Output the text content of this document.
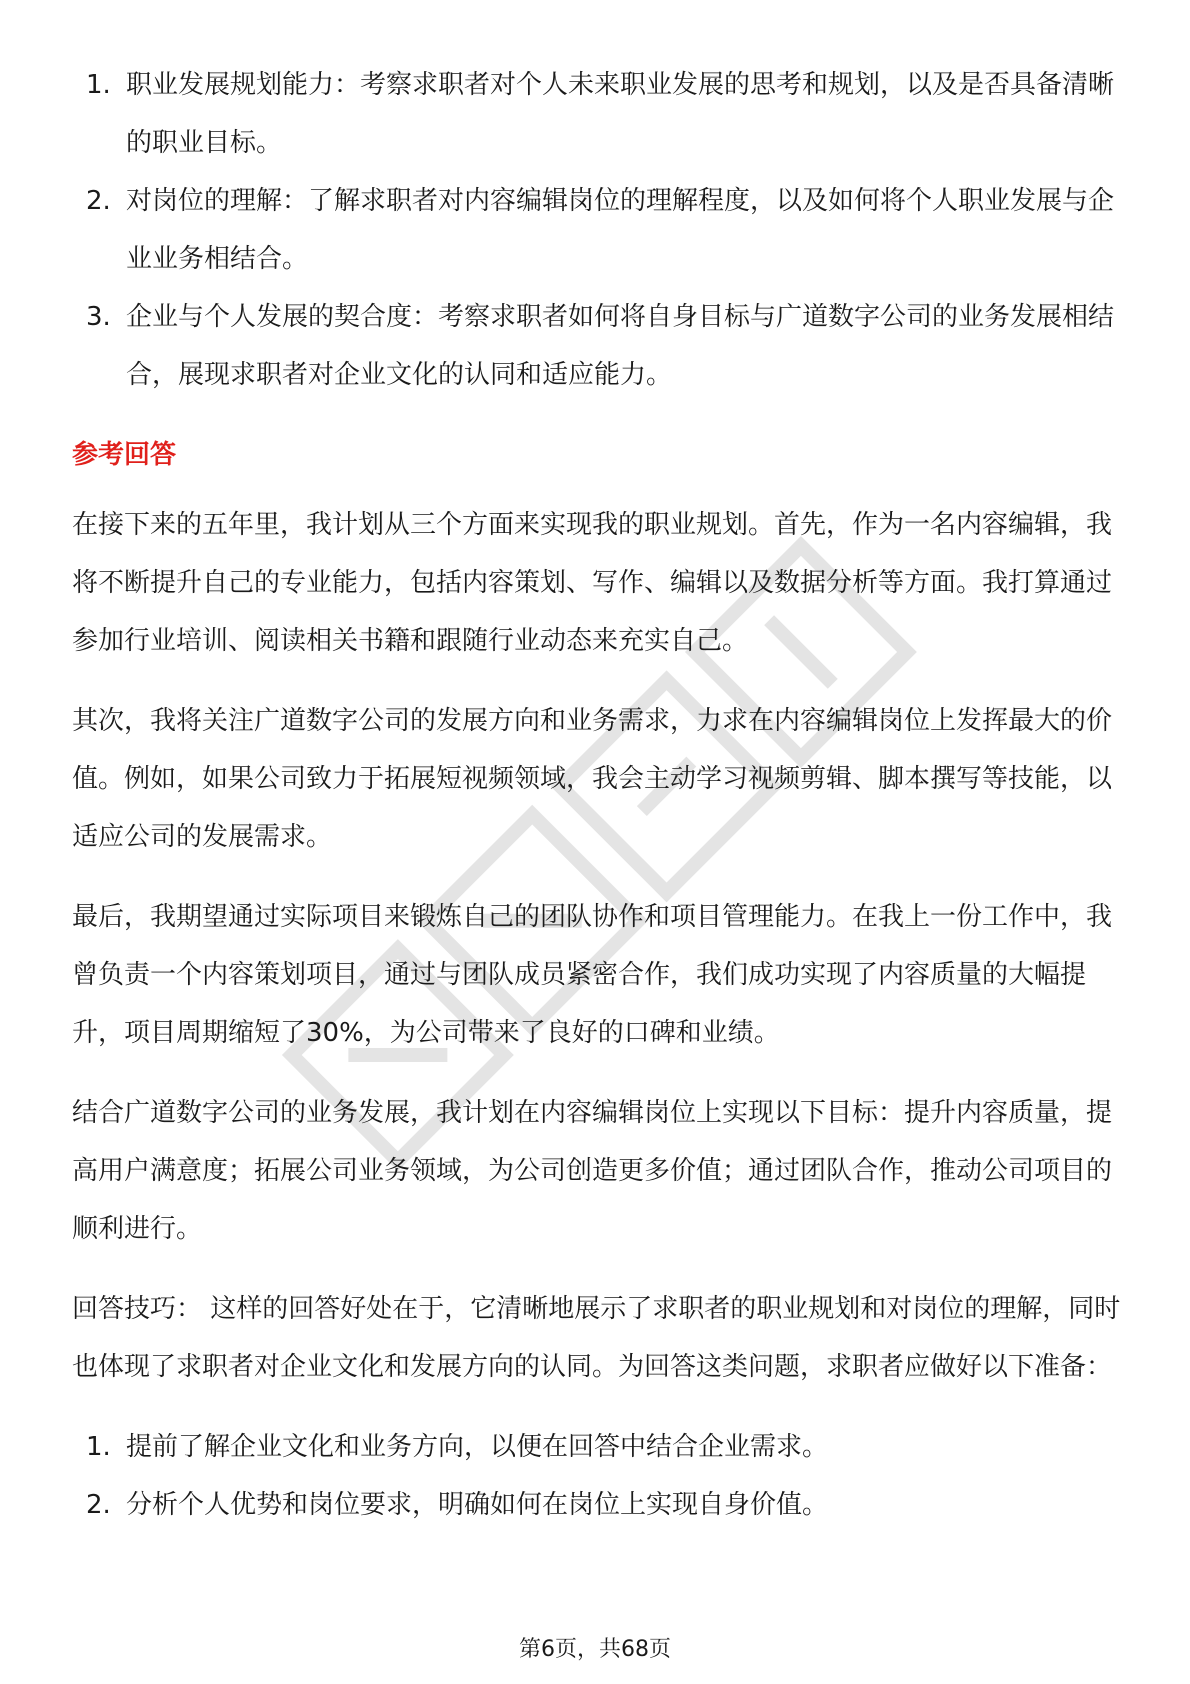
1. 职业发展规划能力：考察求职者对个人未来职业发展的思考和规划，以及是否具备清晰的职业目标。
2. 对岗位的理解：了解求职者对内容编辑岗位的理解程度，以及如何将个人职业发展与企业业务相结合。
3. 企业与个人发展的契合度：考察求职者如何将自身目标与广道数字公司的业务发展相结合，展现求职者对企业文化的认同和适应能力。
参考回答

在接下来的五年里，我计划从三个方面来实现我的职业规划。首先，作为一名内容编辑，我将不断提升自己的专业能力，包括内容策划、写作、编辑以及数据分析等方面。我打算通过参加行业培训、阅读相关书籍和跟随行业动态来充实自己。

其次，我将关注广道数字公司的发展方向和业务需求，力求在内容编辑岗位上发挥最大的价值。例如，如果公司致力于拓展短视频领域，我会主动学习视频剪辑、脚本撰写等技能，以适应公司的发展需求。

最后，我期望通过实际项目来锻炼自己的团队协作和项目管理能力。在我上一份工作中，我曾负责一个内容策划项目，通过与团队成员紧密合作，我们成功实现了内容质量的大幅提升，项目周期缩短了30%，为公司带来了良好的口碑和业绩。

结合广道数字公司的业务发展，我计划在内容编辑岗位上实现以下目标：提升内容质量，提高用户满意度；拓展公司业务领域，为公司创造更多价值；通过团队合作，推动公司项目的顺利进行。

回答技巧： 这样的回答好处在于，它清晰地展示了求职者的职业规划和对岗位的理解，同时也体现了求职者对企业文化和发展方向的认同。为回答这类问题，求职者应做好以下准备：

1. 提前了解企业文化和业务方向，以便在回答中结合企业需求。
2. 分析个人优势和岗位要求，明确如何在岗位上实现自身价值。
第6页，共68页
